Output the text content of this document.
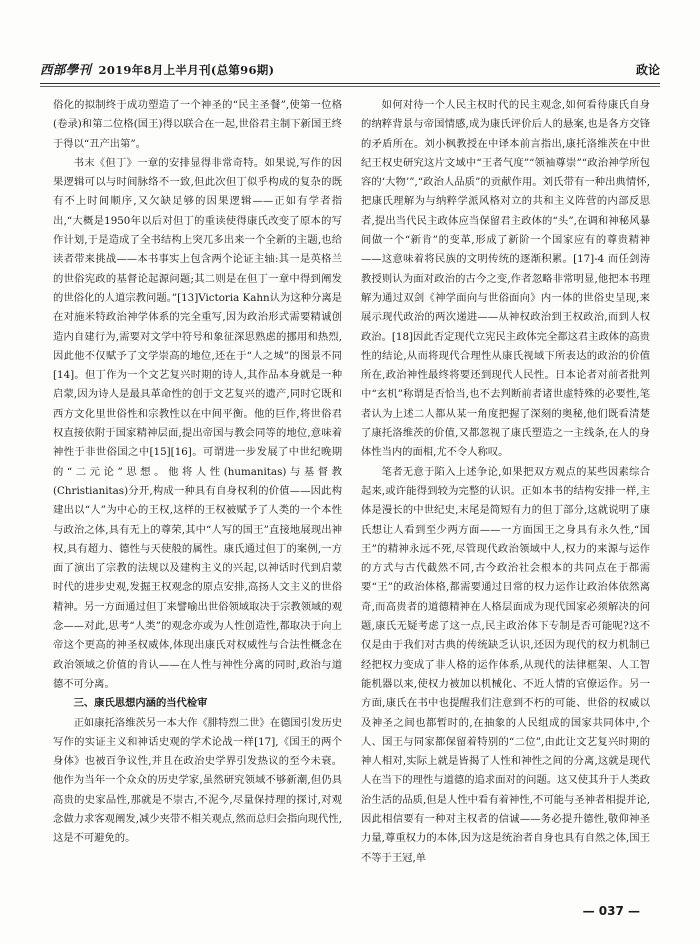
西部學刊 2019年8月上半月刊(总第96期)	政论

俗化的拟制终于成功塑造了一个神圣的“民主圣餐”,使第一位格(卷录)和第二位格(国王)得以联合在一起,世俗君主制下新国王终于得以“丑产出第”。

书末《但丁》一章的安排显得非常奇特。如果说,写作的因果逻辑可以与时间脉络不一致,但此次但丁似乎构成的复杂的既有不上时间顺序,又欠缺足够的因果逻辑——正如有学者指出,“大概是1950年以后对但丁的重读使得康氏改变了原本的写作计划,于是造成了全书结构上突兀多出来一个全新的主题,也给读者带来挑战——本书事实上包含两个论证主轴:其一是英格兰的世俗宪政的基督论起源问题;其二则是在但丁一章中得到阐发的世俗化的人道宗教问题。”[13]Victoria Kahn认为这种分离是在对施米特政治神学体系的完全重写,因为政治形式需要精诚创造内自建行为,需要对文学中符号和象征深思熟虑的挪用和热烈,因此他不仅赋予了文学崇高的地位,还在于“人之城”的图景不同[14]。但丁作为一个文艺复兴时期的诗人,其作品本身就是一种启蒙,因为诗人是最具革命性的创于文艺复兴的遗产,同时它既和西方文化里世俗性和宗教性以在中间平衡。他的巨作,将世俗君权直接依附于国家精神层面,提出帝国与教会同等的地位,意味着神性于非世俗国之中[15][16]。可谓进一步发展了中世纪晚期的“二元论”思想。他将人性(humanitas)与基督教(Christianitas)分开,构成一种具有自身权利的价值——因此构建出以“人”为中心的王权,这样的王权被赋予了人类的一个本性与政治之体,具有无上的尊荣,其中“人写的国王”直接地展现出神权,具有超力、德性与天使般的属性。康氏通过但丁的案例,一方面了演出了宗教的法规以及建构主义的兴起,以神话时代到启蒙时代的进步史观,发掘王权观念的原点安排,高扬人文主义的世俗精神。另一方面通过但丁来譬喻出世俗领域取决于宗教领域的观念——对此,思考“人类”的观念亦或为人性创造性,都取决于向上帝这个更高的神圣权威体,体现出康氏对权威性与合法性概念在政治领域之价值的肯认——在人性与神性分离的同时,政治与道德不可分离。

三、康氏思想内涵的当代检审

正如康托洛维茨另一本大作《腓特烈二世》在德国引发历史写作的实证主义和神话史观的学术论战一样[17],《国王的两个身体》也被百争议性,并且在政治史学界引发热议的至今未衰。他作为当年一个众众的历史学家,虽然研究领域不够新潮,但仍具高贵的史家品性,那就是不崇古,不泥今,尽量保持理的探讨,对观念做力求客观阐发,减少夹带不相关观点,然而总归会指向现代性,这是不可避免的。

如何对待一个人民主权时代的民主观念,如何看待康氏自身的纳粹背景与帝国情感,成为康氏评价后人的悬案,也是各方交锋的矛盾所在。刘小枫教授在中译本前言指出,康托洛维茨在中世纪王权史研究这片文域中“王者气度”“领袖尊崇”“政治神学所包容的‘大物’”,“政治人品质”的贡献作用。刘氏带有一种出典情怀,把康氏理解为与纳粹学派风格对立的共和主义阵营的内部反思者,提出当代民主政体应当保留君主政体的“头”,在调和神秘风暴间做一个“新肯”的变革,形成了新阶一个国家应有的尊贵精神——这意味着将民族的文明传统的逐渐积累。[17]-4 而任剑涛教授则认为面对政治的古今之变,作者忽略非常明显,他把本书理解为通过双剑《神学面向与世俗面向》内一体的世俗史呈现,来展示现代政治的两次递进——从神权政治到王权政治,而到人权政治。[18]因此否定现代立宪民主政体完全都这君主政体的高贵性的结论,从而将现代合理性从康氏视域下所表达的政治的价值所在,政治神性最终将要还到现代人民性。日本论者对前者批判中“玄机”称谓是否恰当,也不去判断前者诸世虚特殊的必要性,笔者认为上述二人都从某一角度把握了深刻的奥秘,他们既看清楚了康托洛维茨的价值,又都忽视了康氏塑造之一主线条,在人的身体性当内的面相,尤不令人称叹。

笔者无意于陷入上述争论,如果把双方观点的某些因素综合起来,或许能得到较为完整的认识。正如本书的结构安排一样,主体是漫长的中世纪史,末尾是简短有力的但丁部分,这就说明了康氏想让人看到至少两方面——一方面国王之身具有永久性,“国王”的精神永远不死,尽管现代政治领域中人,权力的来源与运作的方式与古代截然不同,古今政治社会根本的共同点在于都需要“王”的政治体格,都需要通过日常的权力运作让政治体依然离奇,而高贵者的道德精神在人格层面成为现代国家必须解决的问题,康氏无疑考虑了这一点,民主政治体下专制是否可能呢?这不仅是由于我们对古典的传统缺乏认识,还因为现代的权力机制已经把权力变成了非人格的运作体系,从现代的法律框架、人工智能机器以来,使权力被加以机械化、不近人情的官僚运作。另一方面,康氏在书中也提醒我们注意到不朽的可能、世俗的权威以及神圣之间也都暂时的,在抽象的人民组成的国家共同体中,个人、国王与同家都保留着特别的“二位”,由此让文艺复兴时期的神人相对,实际上就是皆揭了人性和神性之间的分离,这就是现代人在当下的理性与道德的追求面对的问题。这又使其升于人类政治生活的品质,但是人性中看有着神性,不可能与圣神者相提并论,因此相信要有一种对主权者的信诚——务必提升德性,敬仰神圣力量,尊重权力的本体,因为这是统治者自身也具有自然之体,国王不等于王冠,单

— 037 —
